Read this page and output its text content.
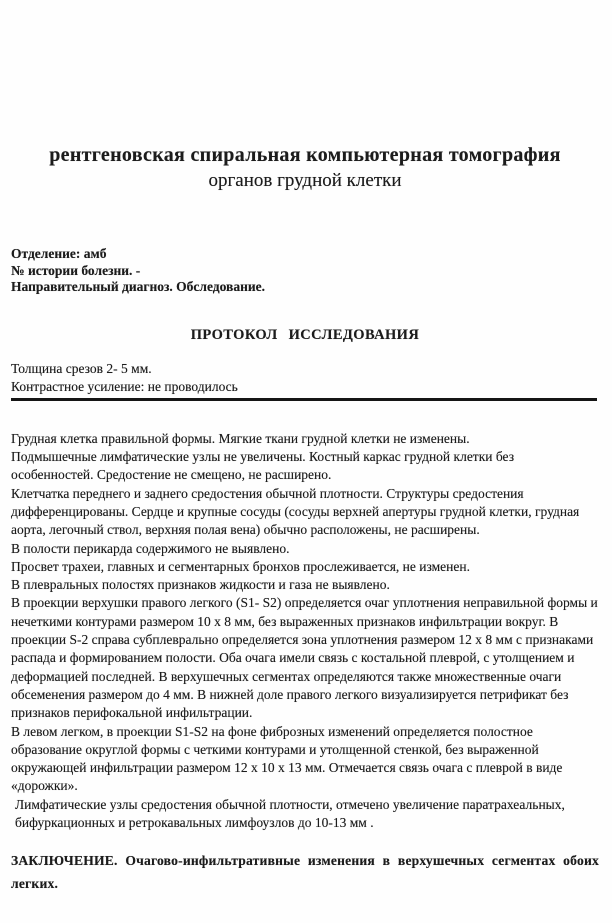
рентгеновская спиральная компьютерная томография
органов грудной клетки
Отделение: амб
№ истории болезни. -
Направительный диагноз. Обследование.
ПРОТОКОЛ ИССЛЕДОВАНИЯ
Толщина срезов 2- 5 мм.
Контрастное усиление: не проводилось

Грудная клетка правильной формы. Мягкие ткани грудной клетки не изменены.

Подмышечные лимфатические узлы не увеличены. Костный каркас грудной клетки без особенностей. Средостение не смещено, не расширено.

Клетчатка переднего и заднего средостения обычной плотности. Структуры средостения дифференцированы. Сердце и крупные сосуды (сосуды верхней апертуры грудной клетки, грудная аорта, легочный ствол, верхняя полая вена) обычно расположены, не расширены.

В полости перикарда содержимого не выявлено.

Просвет трахеи, главных и сегментарных бронхов прослеживается, не изменен.

В плевральных полостях признаков жидкости и газа не выявлено.

В проекции верхушки правого легкого (S1- S2) определяется очаг уплотнения неправильной формы и нечеткими контурами размером 10 х 8 мм, без выраженных признаков инфильтрации вокруг. В проекции S-2 справа субплеврально определяется зона уплотнения размером 12 х 8 мм с признаками распада и формированием полости. Оба очага имели связь с костальной плеврой, с утолщением и деформацией последней. В верхушечных сегментах определяются также множественные очаги обсеменения размером до 4 мм. В нижней доле правого легкого визуализируется петрификат без признаков перифокальной инфильтрации.

В левом легком, в проекции S1-S2 на фоне фиброзных изменений определяется полостное образование округлой формы с четкими контурами и утолщенной стенкой, без выраженной окружающей инфильтрации размером 12 х 10 х 13 мм. Отмечается связь очага с плеврой в виде «дорожки».

Лимфатические узлы средостения обычной плотности, отмечено увеличение паратрахеальных, бифуркационных и ретрокавальных лимфоузлов до 10-13 мм .

ЗАКЛЮЧЕНИЕ. Очагово-инфильтративные изменения в верхушечных сегментах обоих легких.
